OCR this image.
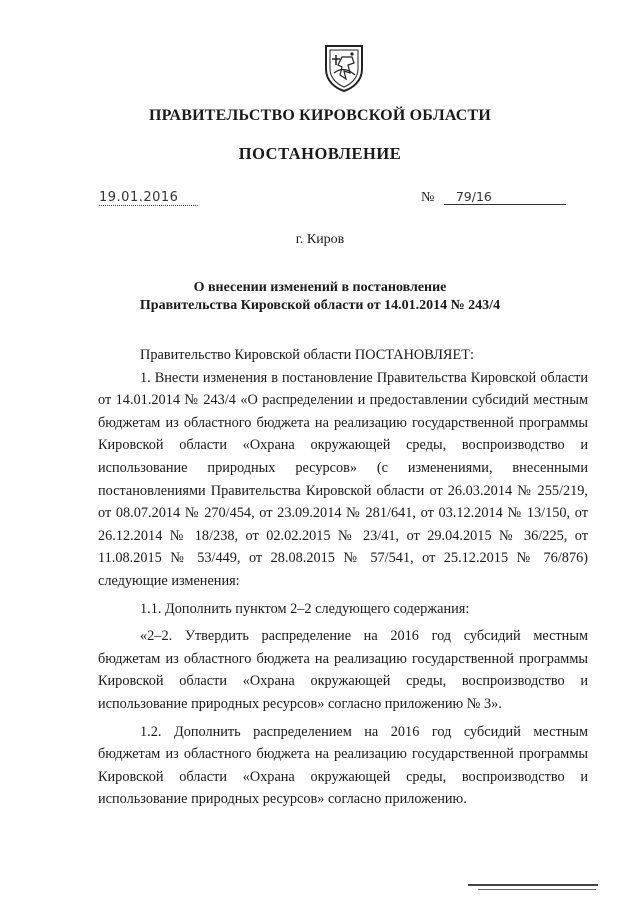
ПРАВИТЕЛЬСТВО КИРОВСКОЙ ОБЛАСТИ
ПОСТАНОВЛЕНИЕ
19.01.2016	№ 79/16
г. Киров
О внесении изменений в постановление
Правительства Кировской области от 14.01.2014 № 243/4

Правительство Кировской области ПОСТАНОВЛЯЕТ:

1. Внести изменения в постановление Правительства Кировской области от 14.01.2014 № 243/4 «О распределении и предоставлении субсидий местным бюджетам из областного бюджета на реализацию государственной программы Кировской области «Охрана окружающей среды, воспроизводство и использование природных ресурсов» (с изменениями, внесенными постановлениями Правительства Кировской области от 26.03.2014 № 255/219, от 08.07.2014 № 270/454, от 23.09.2014 № 281/641, от 03.12.2014 № 13/150, от 26.12.2014 № 18/238, от 02.02.2015 № 23/41, от 29.04.2015 № 36/225, от 11.08.2015 № 53/449, от 28.08.2015 № 57/541, от 25.12.2015 № 76/876) следующие изменения:

1.1. Дополнить пунктом 2–2 следующего содержания:

«2–2. Утвердить распределение на 2016 год субсидий местным бюджетам из областного бюджета на реализацию государственной программы Кировской области «Охрана окружающей среды, воспроизводство и использование природных ресурсов» согласно приложению № 3».

1.2. Дополнить распределением на 2016 год субсидий местным бюджетам из областного бюджета на реализацию государственной программы Кировской области «Охрана окружающей среды, воспроизводство и использование природных ресурсов» согласно приложению.
